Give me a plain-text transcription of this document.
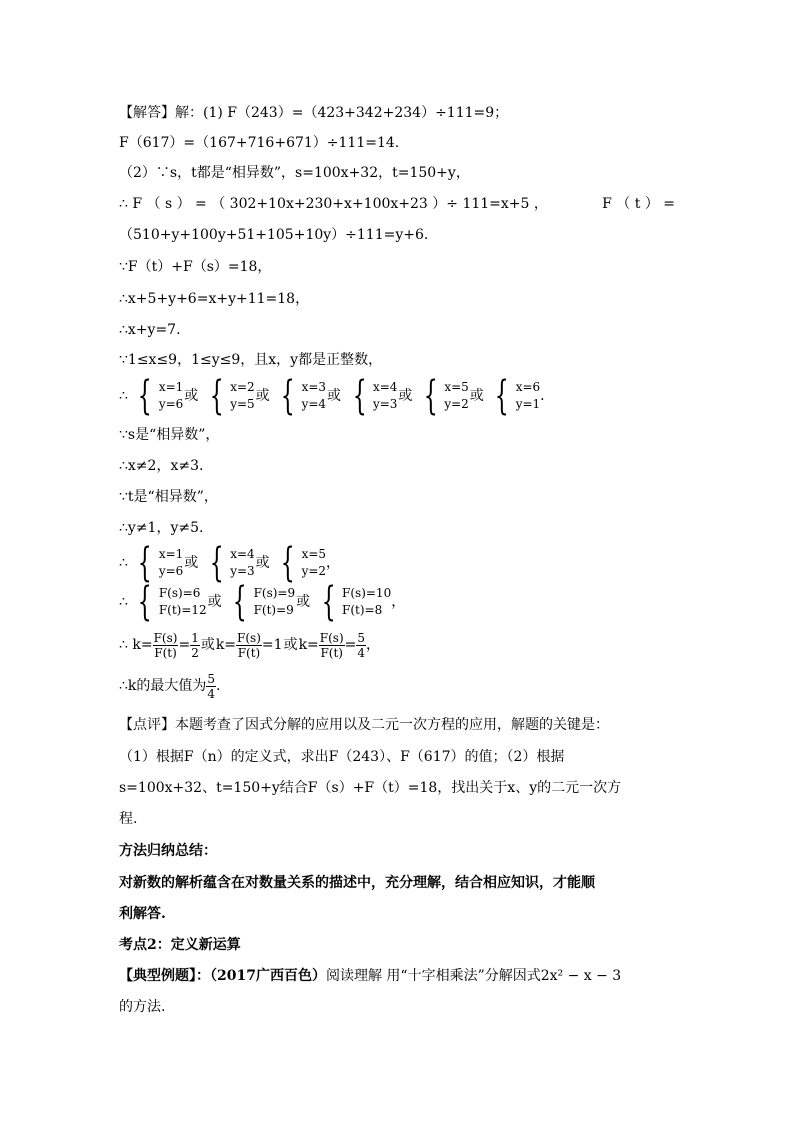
【解答】解：(1) F（243）=（423+342+234）÷111=9；
F（617）=（167+716+671）÷111=14.
（2）∵s，t都是“相异数”，s=100x+32，t=150+y，
∴ F （ s ） = （ 302+10x+230+x+100x+23 ）÷ 111=x+5 ，	F （ t ） =
（510+y+100y+51+105+10y）÷111=y+6.
∵F（t）+F（s）=18，
∴x+5+y+6=x+y+11=18，
∴x+y=7.
∵1≤x≤9，1≤y≤9，且x，y都是正整数，
∴ { x=1
y=6 或 { x=2
y=5 或 { x=3
y=4 或 { x=4
y=3 或 { x=5
y=2 或 { x=6
y=1 .
∵s是“相异数”，
∴x≠2，x≠3.
∵t是“相异数”，
∴y≠1，y≠5.
∴ { x=1
y=6 或 { x=4
y=3 或 { x=5
y=2 ，
∴ { F(s)=6
F(t)=12 或 { F(s)=9
F(t)=9 或 { F(s)=10
F(t)=8 ，
∴ $k= \frac{F(s)}{F(t)} = \frac{1}{2}$ 或$k= \frac{F(s)}{F(t)} =1$或$k= \frac{F(s)}{F(t)} = \frac{5}{4}$ ，
∴k的最大值为 $\frac{5}{4}$ .
【点评】本题考查了因式分解的应用以及二元一次方程的应用，解题的关键是：
（1）根据F（n）的定义式，求出F（243）、F（617）的值；（2）根据
s=100x+32、t=150+y结合F（s）+F（t）=18，找出关于x、y的二元一次方
程.
方法归纳总结：
对新数的解析蕴含在对数量关系的描述中，充分理解，结合相应知识，才能顺
利解答.
考点2：定义新运算
【典型例题】：（2017广西百色）阅读理解 用“十字相乘法”分解因式2x² − x − 3
的方法.
